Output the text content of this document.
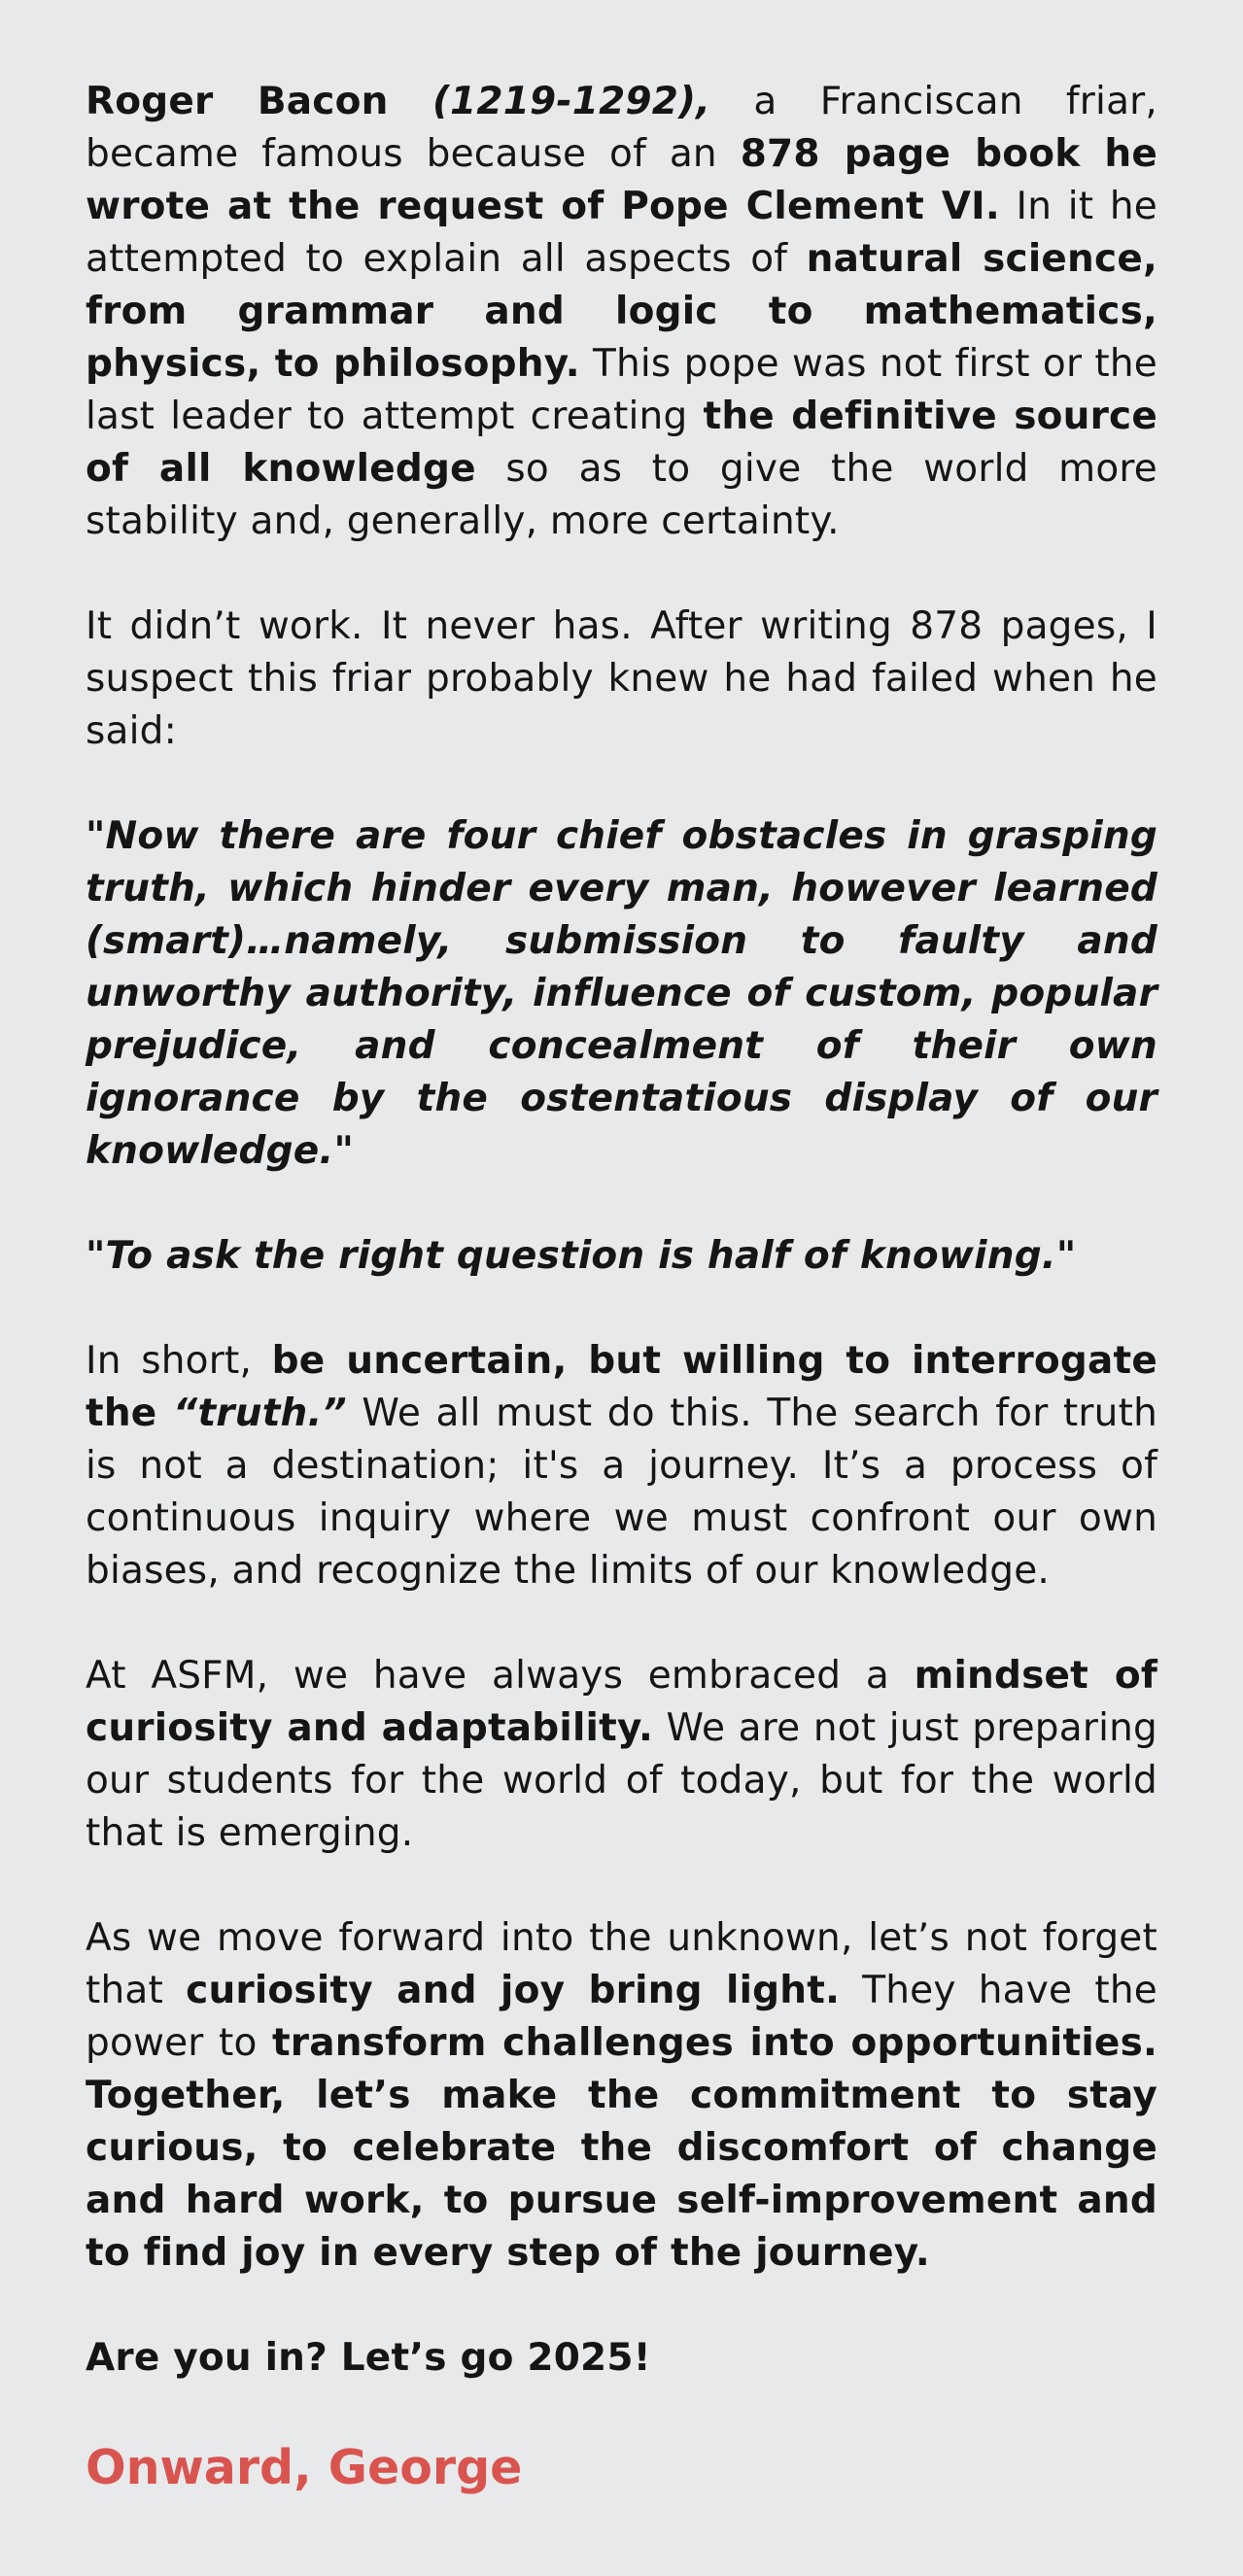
Roger Bacon (1219-1292), a Franciscan friar, became famous because of an 878 page book he wrote at the request of Pope Clement VI. In it he attempted to explain all aspects of natural science, from grammar and logic to mathematics, physics, to philosophy. This pope was not first or the last leader to attempt creating the definitive source of all knowledge so as to give the world more stability and, generally, more certainty.

It didn’t work. It never has. After writing 878 pages, I suspect this friar probably knew he had failed when he said:

"Now there are four chief obstacles in grasping truth, which hinder every man, however learned (smart)…namely, submission to faulty and unworthy authority, influence of custom, popular prejudice, and concealment of their own ignorance by the ostentatious display of our knowledge."

"To ask the right question is half of knowing."

In short, be uncertain, but willing to interrogate the “truth.” We all must do this. The search for truth is not a destination; it's a journey. It’s a process of continuous inquiry where we must confront our own biases, and recognize the limits of our knowledge.

At ASFM, we have always embraced a mindset of curiosity and adaptability. We are not just preparing our students for the world of today, but for the world that is emerging.

As we move forward into the unknown, let’s not forget that curiosity and joy bring light. They have the power to transform challenges into opportunities. Together, let’s make the commitment to stay curious, to celebrate the discomfort of change and hard work, to pursue self-improvement and to find joy in every step of the journey.

Are you in? Let’s go 2025!

Onward, George
